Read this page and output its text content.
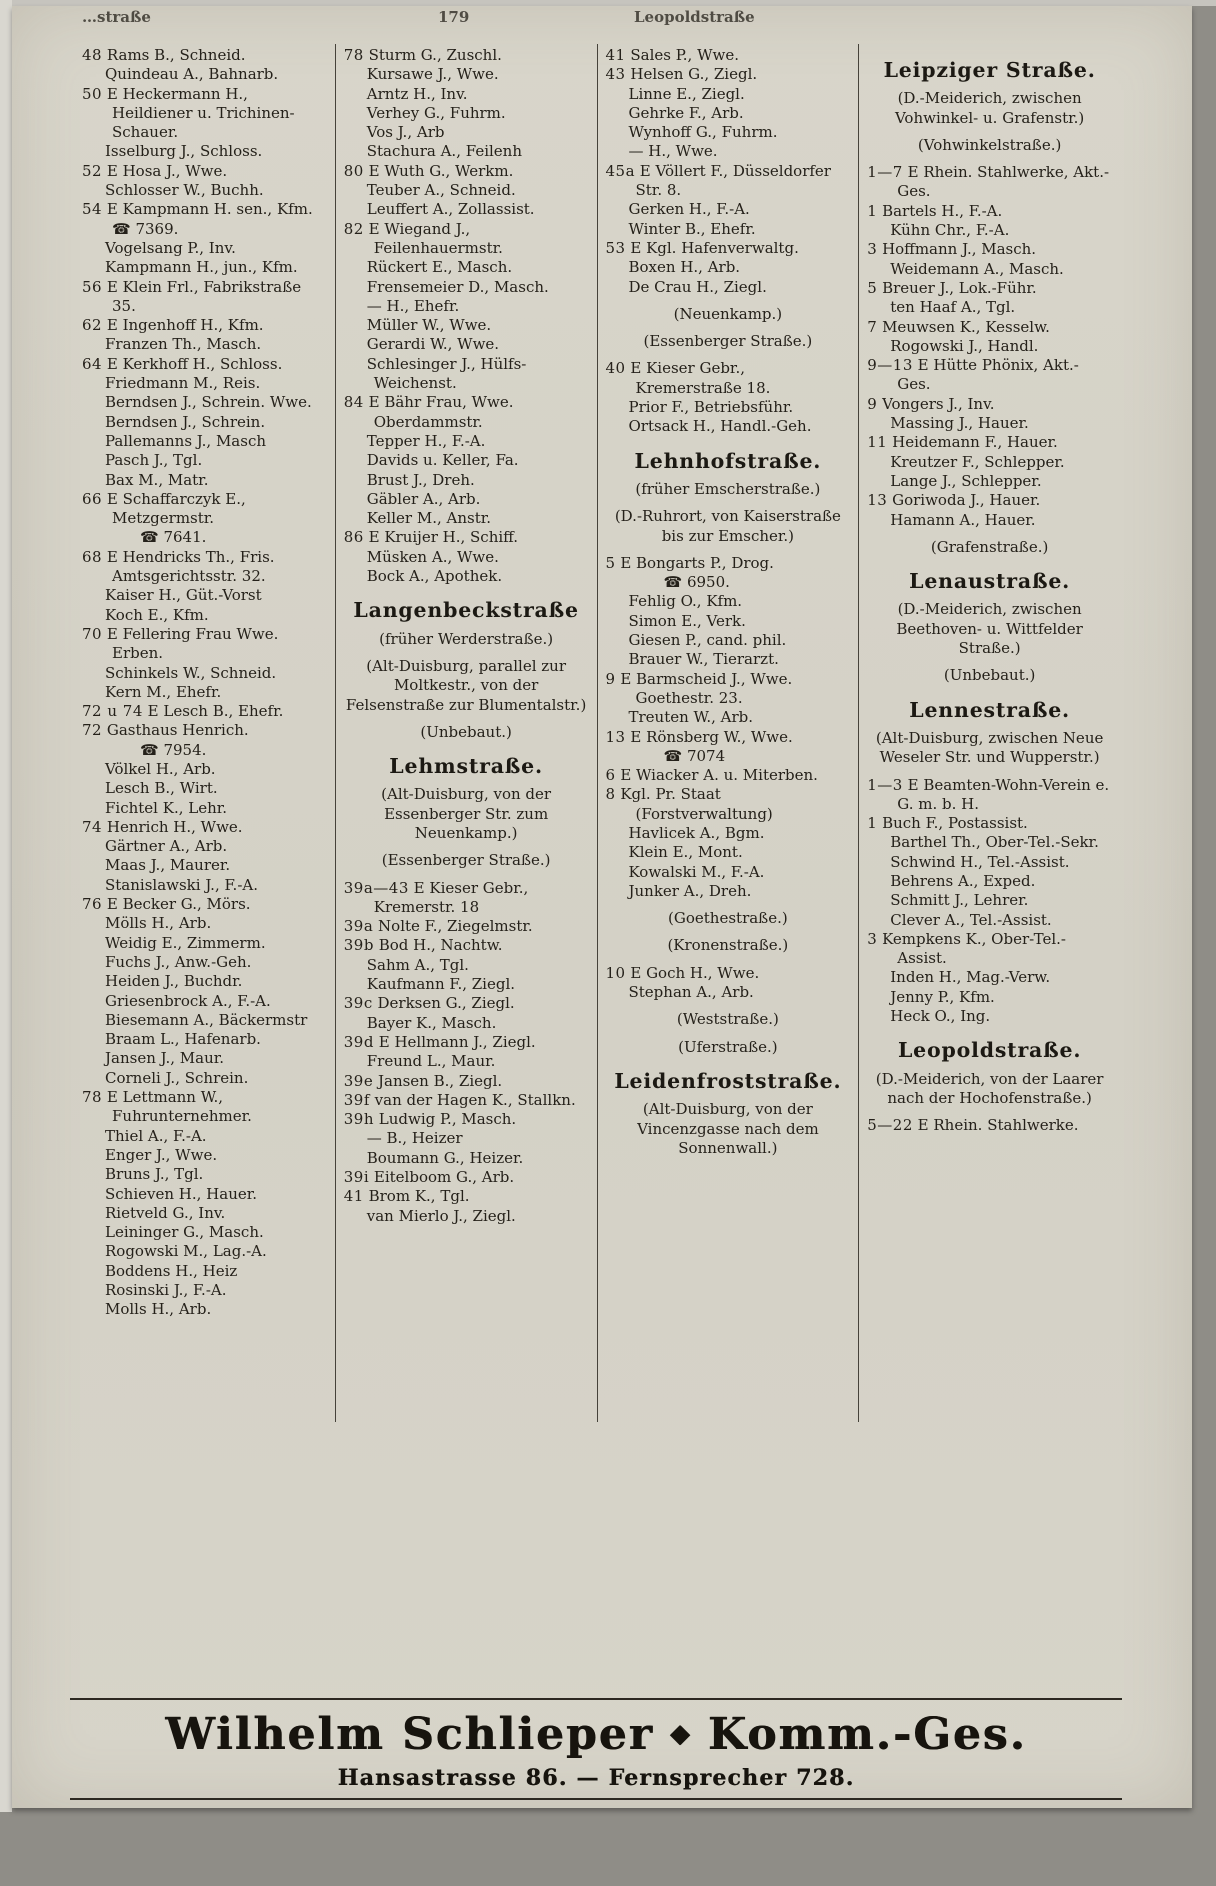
…straße	179	Leopoldstraße
48 Rams B., Schneid.
Quindeau A., Bahnarb.
50 E Heckermann H., Heildiener u. Trichinen-Schauer.
Isselburg J., Schloss.
52 E Hosa J., Wwe.
Schlosser W., Buchh.
54 E Kampmann H. sen., Kfm. ☎ 7369.
Vogelsang P., Inv.
Kampmann H., jun., Kfm.
56 E Klein Frl., Fabrikstraße 35.
62 E Ingenhoff H., Kfm.
Franzen Th., Masch.
64 E Kerkhoff H., Schloss.
Friedmann M., Reis.
Berndsen J., Schrein. Wwe.
Berndsen J., Schrein.
Pallemanns J., Masch
Pasch J., Tgl.
Bax M., Matr.
66 E Schaffarczyk E., Metzgermstr.
☎ 7641.
68 E Hendricks Th., Fris. Amtsgerichtsstr. 32.
Kaiser H., Güt.-Vorst
Koch E., Kfm.
70 E Fellering Frau Wwe. Erben.
Schinkels W., Schneid.
Kern M., Ehefr.
72 u 74 E Lesch B., Ehefr.
72 Gasthaus Henrich.
☎ 7954.
Völkel H., Arb.
Lesch B., Wirt.
Fichtel K., Lehr.
74 Henrich H., Wwe.
Gärtner A., Arb.
Maas J., Maurer.
Stanislawski J., F.-A.
76 E Becker G., Mörs.
Mölls H., Arb.
Weidig E., Zimmerm.
Fuchs J., Anw.-Geh.
Heiden J., Buchdr.
Griesenbrock A., F.-A.
Biesemann A., Bäckermstr
Braam L., Hafenarb.
Jansen J., Maur.
Corneli J., Schrein.
78 E Lettmann W., Fuhrunternehmer.
Thiel A., F.-A.
Enger J., Wwe.
Bruns J., Tgl.
Schieven H., Hauer.
Rietveld G., Inv.
Leininger G., Masch.
Rogowski M., Lag.-A.
Boddens H., Heiz
Rosinski J., F.-A.
Molls H., Arb.
78 Sturm G., Zuschl.
Kursawe J., Wwe.
Arntz H., Inv.
Verhey G., Fuhrm.
Vos J., Arb
Stachura A., Feilenh
80 E Wuth G., Werkm.
Teuber A., Schneid.
Leuffert A., Zollassist.
82 E Wiegand J., Feilenhauermstr.
Rückert E., Masch.
Frensemeier D., Masch.
— H., Ehefr.
Müller W., Wwe.
Gerardi W., Wwe.
Schlesinger J., Hülfs-Weichenst.
84 E Bähr Frau, Wwe. Oberdammstr.
Tepper H., F.-A.
Davids u. Keller, Fa.
Brust J., Dreh.
Gäbler A., Arb.
Keller M., Anstr.
86 E Kruijer H., Schiff.
Müsken A., Wwe.
Bock A., Apothek.
Langenbeckstraße
(früher Werderstraße.)
(Alt-Duisburg, parallel zur Moltkestr., von der Felsenstraße zur Blumentalstr.)
(Unbebaut.)
Lehmstraße.
(Alt-Duisburg, von der Essenberger Str. zum Neuenkamp.)
(Essenberger Straße.)
39a—43 E Kieser Gebr., Kremerstr. 18
39a Nolte F., Ziegelmstr.
39b Bod H., Nachtw.
Sahm A., Tgl.
Kaufmann F., Ziegl.
39c Derksen G., Ziegl.
Bayer K., Masch.
39d E Hellmann J., Ziegl.
Freund L., Maur.
39e Jansen B., Ziegl.
39f van der Hagen K., Stallkn.
39h Ludwig P., Masch.
— B., Heizer
Boumann G., Heizer.
39i Eitelboom G., Arb.
41 Brom K., Tgl.
van Mierlo J., Ziegl.
41 Sales P., Wwe.
43 Helsen G., Ziegl.
Linne E., Ziegl.
Gehrke F., Arb.
Wynhoff G., Fuhrm.
— H., Wwe.
45a E Völlert F., Düsseldorfer Str. 8.
Gerken H., F.-A.
Winter B., Ehefr.
53 E Kgl. Hafenverwaltg.
Boxen H., Arb.
De Crau H., Ziegl.
(Neuenkamp.)
(Essenberger Straße.)
40 E Kieser Gebr., Kremerstraße 18.
Prior F., Betriebsführ.
Ortsack H., Handl.-Geh.
Lehnhofstraße.
(früher Emscherstraße.)
(D.-Ruhrort, von Kaiserstraße bis zur Emscher.)
5 E Bongarts P., Drog.
☎ 6950.
Fehlig O., Kfm.
Simon E., Verk.
Giesen P., cand. phil.
Brauer W., Tierarzt.
9 E Barmscheid J., Wwe. Goethestr. 23.
Treuten W., Arb.
13 E Rönsberg W., Wwe.
☎ 7074
6 E Wiacker A. u. Miterben.
8 Kgl. Pr. Staat (Forstverwaltung)
Havlicek A., Bgm.
Klein E., Mont.
Kowalski M., F.-A.
Junker A., Dreh.
(Goethestraße.)
(Kronenstraße.)
10 E Goch H., Wwe.
Stephan A., Arb.
(Weststraße.)
(Uferstraße.)
Leidenfroststraße.
(Alt-Duisburg, von der Vincenzgasse nach dem Sonnenwall.)
Leipziger Straße.
(D.-Meiderich, zwischen Vohwinkel- u. Grafenstr.)
(Vohwinkelstraße.)
1—7 E Rhein. Stahlwerke, Akt.-Ges.
1 Bartels H., F.-A.
Kühn Chr., F.-A.
3 Hoffmann J., Masch.
Weidemann A., Masch.
5 Breuer J., Lok.-Führ.
ten Haaf A., Tgl.
7 Meuwsen K., Kesselw.
Rogowski J., Handl.
9—13 E Hütte Phönix, Akt.-Ges.
9 Vongers J., Inv.
Massing J., Hauer.
11 Heidemann F., Hauer.
Kreutzer F., Schlepper.
Lange J., Schlepper.
13 Goriwoda J., Hauer.
Hamann A., Hauer.
(Grafenstraße.)
Lenaustraße.
(D.-Meiderich, zwischen Beethoven- u. Wittfelder Straße.)
(Unbebaut.)
Lennestraße.
(Alt-Duisburg, zwischen Neue Weseler Str. und Wupperstr.)
1—3 E Beamten-Wohn-Verein e. G. m. b. H.
1 Buch F., Postassist.
Barthel Th., Ober-Tel.-Sekr.
Schwind H., Tel.-Assist.
Behrens A., Exped.
Schmitt J., Lehrer.
Clever A., Tel.-Assist.
3 Kempkens K., Ober-Tel.-Assist.
Inden H., Mag.-Verw.
Jenny P., Kfm.
Heck O., Ing.
Leopoldstraße.
(D.-Meiderich, von der Laarer nach der Hochofenstraße.)
5—22 E Rhein. Stahlwerke.
Wilhelm Schlieper ◆ Komm.-Ges.
Hansastrasse 86. — Fernsprecher 728.
